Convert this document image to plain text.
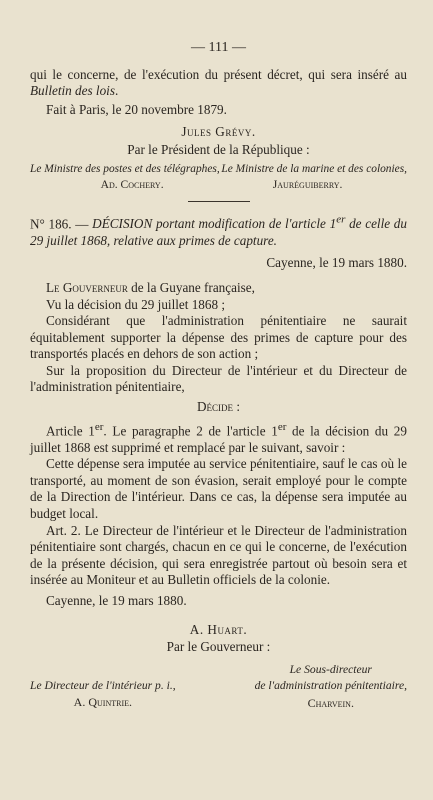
— 111 —

qui le concerne, de l'exécution du présent décret, qui sera inséré au Bulletin des lois.

Fait à Paris, le 20 novembre 1879.

Jules Grévy.
Par le Président de la République :
Le Ministre des postes et des télégraphes, Le Ministre de la marine et des colonies,
Ad. Cochery.	Jauréguiberry.

N° 186. — DÉCISION portant modification de l'article 1er de celle du 29 juillet 1868, relative aux primes de capture.

Cayenne, le 19 mars 1880.

Le Gouverneur de la Guyane française,

Vu la décision du 29 juillet 1868 ;

Considérant que l'administration pénitentiaire ne saurait équitablement supporter la dépense des primes de capture pour des transportés placés en dehors de son action ;

Sur la proposition du Directeur de l'intérieur et du Directeur de l'administration pénitentiaire,

Décide :

Article 1er. Le paragraphe 2 de l'article 1er de la décision du 29 juillet 1868 est supprimé et remplacé par le suivant, savoir :

Cette dépense sera imputée au service pénitentiaire, sauf le cas où le transporté, au moment de son évasion, serait employé pour le compte de la Direction de l'intérieur. Dans ce cas, la dépense sera imputée au budget local.

Art. 2. Le Directeur de l'intérieur et le Directeur de l'administration pénitentiaire sont chargés, chacun en ce qui le concerne, de l'exécution de la présente décision, qui sera enregistrée partout où besoin sera et insérée au Moniteur et au Bulletin officiels de la colonie.

Cayenne, le 19 mars 1880.

A. Huart.
Par le Gouverneur :
Le Directeur de l'intérieur p. i.,
A. Quintrie.
Le Sous-directeur
de l'administration pénitentiaire,
Charvein.
